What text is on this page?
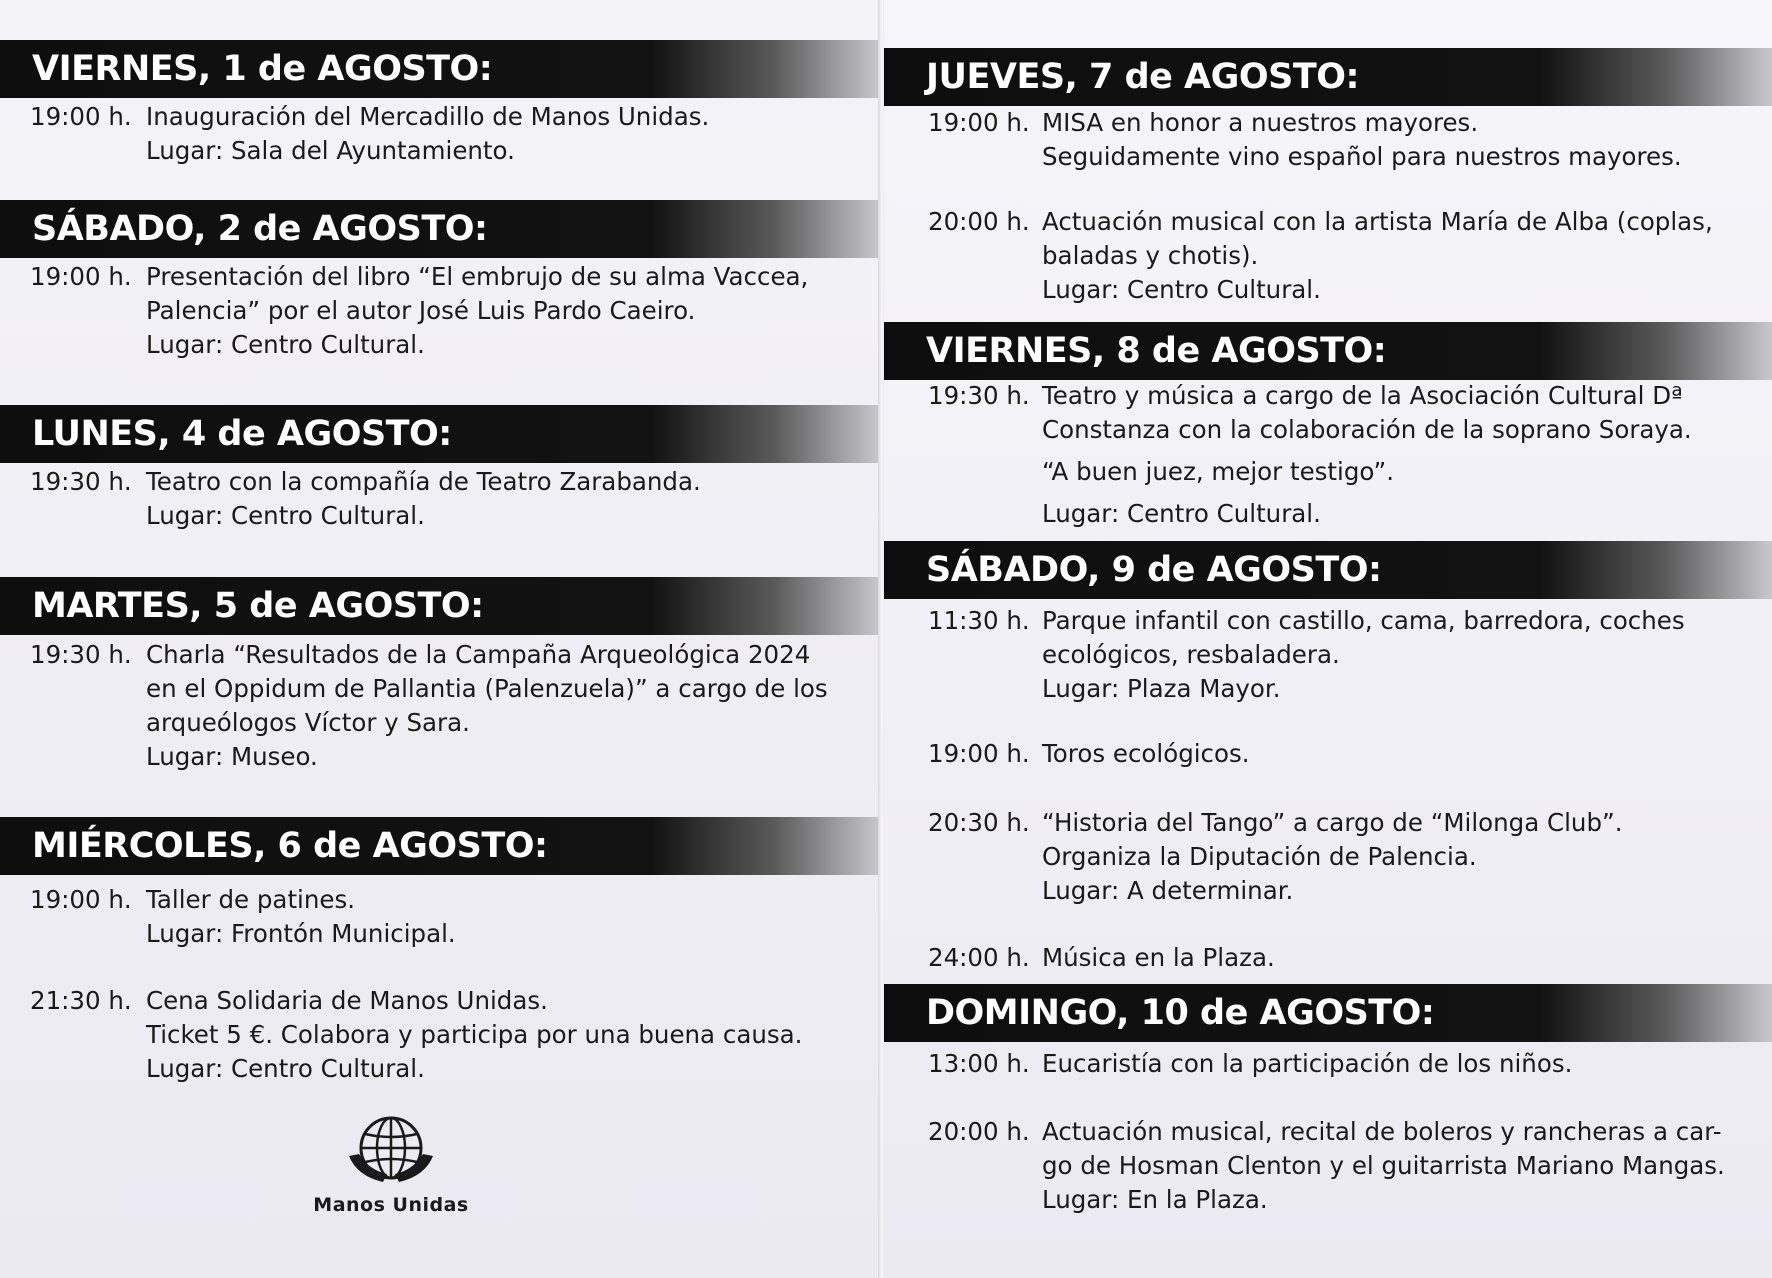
VIERNES, 1 de AGOSTO:
19:00 h. Inauguración del Mercadillo de Manos Unidas.
Lugar: Sala del Ayuntamiento.
SÁBADO, 2 de AGOSTO:
19:00 h. Presentación del libro “El embrujo de su alma Vaccea,
Palencia” por el autor José Luis Pardo Caeiro.
Lugar: Centro Cultural.
LUNES, 4 de AGOSTO:
19:30 h. Teatro con la compañía de Teatro Zarabanda.
Lugar: Centro Cultural.
MARTES, 5 de AGOSTO:
19:30 h. Charla “Resultados de la Campaña Arqueológica 2024
en el Oppidum de Pallantia (Palenzuela)” a cargo de los
arqueólogos Víctor y Sara.
Lugar: Museo.
MIÉRCOLES, 6 de AGOSTO:
19:00 h. Taller de patines.
Lugar: Frontón Municipal.
21:30 h. Cena Solidaria de Manos Unidas.
Ticket 5 €. Colabora y participa por una buena causa.
Lugar: Centro Cultural.
Manos Unidas
JUEVES, 7 de AGOSTO:
19:00 h. MISA en honor a nuestros mayores.
Seguidamente vino español para nuestros mayores.
20:00 h. Actuación musical con la artista María de Alba (coplas,
baladas y chotis).
Lugar: Centro Cultural.
VIERNES, 8 de AGOSTO:
19:30 h. Teatro y música a cargo de la Asociación Cultural Dª
Constanza con la colaboración de la soprano Soraya.
“A buen juez, mejor testigo”.
Lugar: Centro Cultural.
SÁBADO, 9 de AGOSTO:
11:30 h. Parque infantil con castillo, cama, barredora, coches
ecológicos, resbaladera.
Lugar: Plaza Mayor.
19:00 h. Toros ecológicos.
20:30 h. “Historia del Tango” a cargo de “Milonga Club”.
Organiza la Diputación de Palencia.
Lugar: A determinar.
24:00 h. Música en la Plaza.
DOMINGO, 10 de AGOSTO:
13:00 h. Eucaristía con la participación de los niños.
20:00 h. Actuación musical, recital de boleros y rancheras a car-
go de Hosman Clenton y el guitarrista Mariano Mangas.
Lugar: En la Plaza.
